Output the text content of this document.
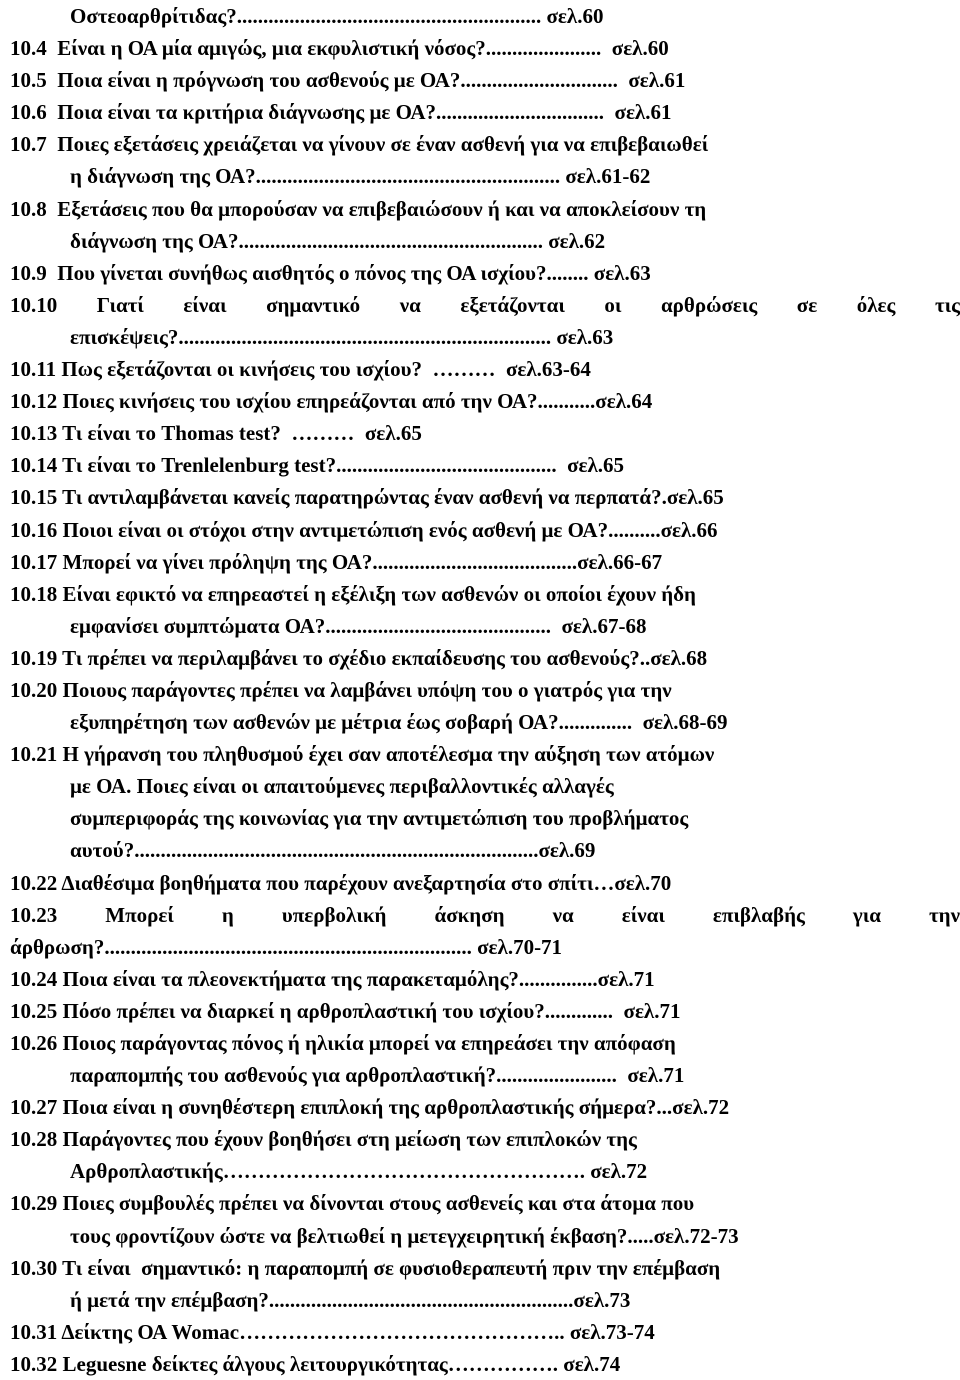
Οστεοαρθρίτιδας?.......................................................... σελ.60
10.4  Είναι η ΟΑ μία αμιγώς, μια εκφυλιστική νόσος?......................  σελ.60
10.5  Ποια είναι η πρόγνωση του ασθενούς με ΟΑ?..............................  σελ.61
10.6  Ποια είναι τα κριτήρια διάγνωσης με ΟΑ?................................  σελ.61
10.7  Ποιες εξετάσεις χρειάζεται να γίνουν σε έναν ασθενή για να επιβεβαιωθεί
η διάγνωση της ΟΑ?.......................................................... σελ.61-62
10.8  Εξετάσεις που θα μπορούσαν να επιβεβαιώσουν ή και να αποκλείσουν τη
διάγνωση της ΟΑ?.......................................................... σελ.62
10.9  Που γίνεται συνήθως αισθητός ο πόνος της ΟΑ ισχίου?........ σελ.63
10.10 Γιατί είναι σημαντικό να εξετάζονται οι αρθρώσεις σε όλες τις
επισκέψεις?....................................................................... σελ.63
10.11 Πως εξετάζονται οι κινήσεις του ισχίου?  ………  σελ.63-64
10.12 Ποιες κινήσεις του ισχίου επηρεάζονται από την ΟΑ?...........σελ.64
10.13 Τι είναι το Thomas test?  ………  σελ.65
10.14 Τι είναι το Trenlelenburg test?..........................................  σελ.65
10.15 Τι αντιλαμβάνεται κανείς παρατηρώντας έναν ασθενή να περπατά?.σελ.65
10.16 Ποιοι είναι οι στόχοι στην αντιμετώπιση ενός ασθενή με ΟΑ?..........σελ.66
10.17 Μπορεί να γίνει πρόληψη της ΟΑ?.......................................σελ.66-67
10.18 Είναι εφικτό να επηρεαστεί η εξέλιξη των ασθενών οι οποίοι έχουν ήδη
εμφανίσει συμπτώματα ΟΑ?...........................................  σελ.67-68
10.19 Τι πρέπει να περιλαμβάνει το σχέδιο εκπαίδευσης του ασθενούς?..σελ.68
10.20 Ποιους παράγοντες πρέπει να λαμβάνει υπόψη του ο γιατρός για την
εξυπηρέτηση των ασθενών με μέτρια έως σοβαρή ΟΑ?..............  σελ.68-69
10.21 Η γήρανση του πληθυσμού έχει σαν αποτέλεσμα την αύξηση των ατόμων
με ΟΑ. Ποιες είναι οι απαιτούμενες περιβαλλοντικές αλλαγές
συμπεριφοράς της κοινωνίας για την αντιμετώπιση του προβλήματος
αυτού?.............................................................................σελ.69
10.22 Διαθέσιμα βοηθήματα που παρέχουν ανεξαρτησία στο σπίτι…σελ.70
10.23 Μπορεί η υπερβολική άσκηση να είναι επιβλαβής για την
άρθρωση?...................................................................... σελ.70-71
10.24 Ποια είναι τα πλεονεκτήματα της παρακεταμόλης?...............σελ.71
10.25 Πόσο πρέπει να διαρκεί η αρθροπλαστική του ισχίου?.............  σελ.71
10.26 Ποιος παράγοντας πόνος ή ηλικία μπορεί να επηρεάσει την απόφαση
παραπομπής του ασθενούς για αρθροπλαστική?.......................  σελ.71
10.27 Ποια είναι η συνηθέστερη επιπλοκή της αρθροπλαστικής σήμερα?...σελ.72
10.28 Παράγοντες που έχουν βοηθήσει στη μείωση των επιπλοκών της
Αρθροπλαστικής……………………………………………. σελ.72
10.29 Ποιες συμβουλές πρέπει να δίνονται στους ασθενείς και στα άτομα που
τους φροντίζουν ώστε να βελτιωθεί η μετεγχειρητική έκβαση?.....σελ.72-73
10.30 Τι είναι  σημαντικό: η παραπομπή σε φυσιοθεραπευτή πριν την επέμβαση
ή μετά την επέμβαση?..........................................................σελ.73
10.31 Δείκτης ΟΑ Womac……………………………………….. σελ.73-74
10.32 Leguesne δείκτες άλγους λειτουργικότητας……………. σελ.74
